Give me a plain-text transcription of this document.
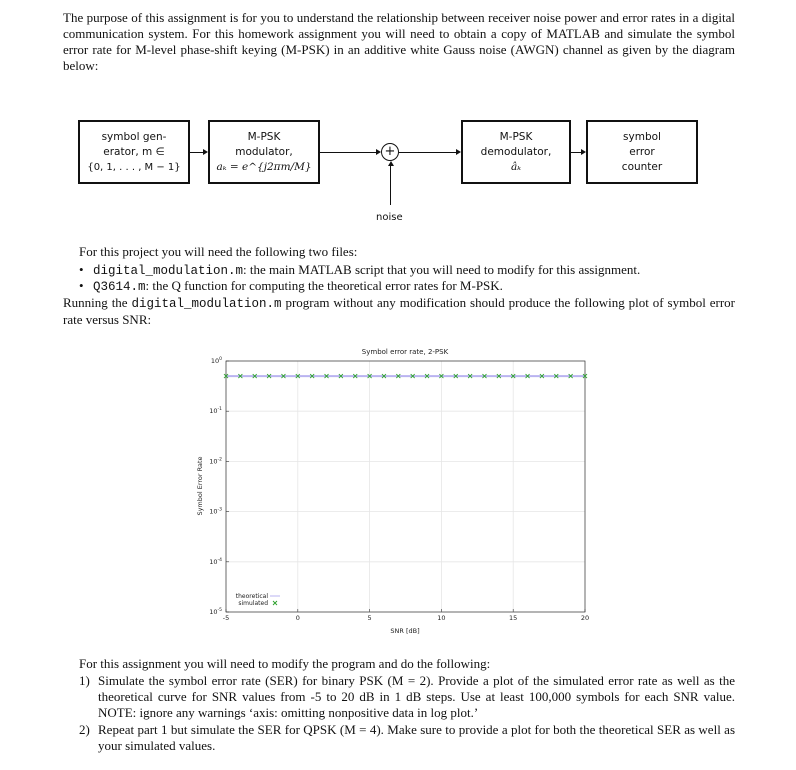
The purpose of this assignment is for you to understand the relationship between receiver noise power and error rates in a digital communication system. For this homework assignment you will need to obtain a copy of MATLAB and simulate the symbol error rate for M-level phase-shift keying (M-PSK) in an additive white Gauss noise (AWGN) channel as given by the diagram below:
symbol gen-
erator, m ∈
{0, 1, . . . , M − 1}
M-PSK
modulator,
aₖ = e^{j2πm/M}
+
noise
M-PSK
demodulator,
âₖ
symbol
error
counter
For this project you will need the following two files:
• digital_modulation.m: the main MATLAB script that you will need to modify for this assignment.
• Q3614.m: the Q function for computing the theoretical error rates for M-PSK.
Running the digital_modulation.m program without any modification should produce the following plot of symbol error rate versus SNR:
Symbol error rate, 2-PSK
SNR [dB]
Symbol Error Rate
-5	0	5	10	15	20
$10^0$
$10^{-1}$
$10^{-2}$
$10^{-3}$
$10^{-4}$
$10^{-5}$
theoretical
simulated
For this assignment you will need to modify the program and do the following:
1) Simulate the symbol error rate (SER) for binary PSK (M = 2). Provide a plot of the simulated error rate as well as the theoretical curve for SNR values from -5 to 20 dB in 1 dB steps. Use at least 100,000 symbols for each SNR value. NOTE: ignore any warnings ‘axis: omitting nonpositive data in log plot.’
2) Repeat part 1 but simulate the SER for QPSK (M = 4). Make sure to provide a plot for both the theoretical SER as well as your simulated values.
